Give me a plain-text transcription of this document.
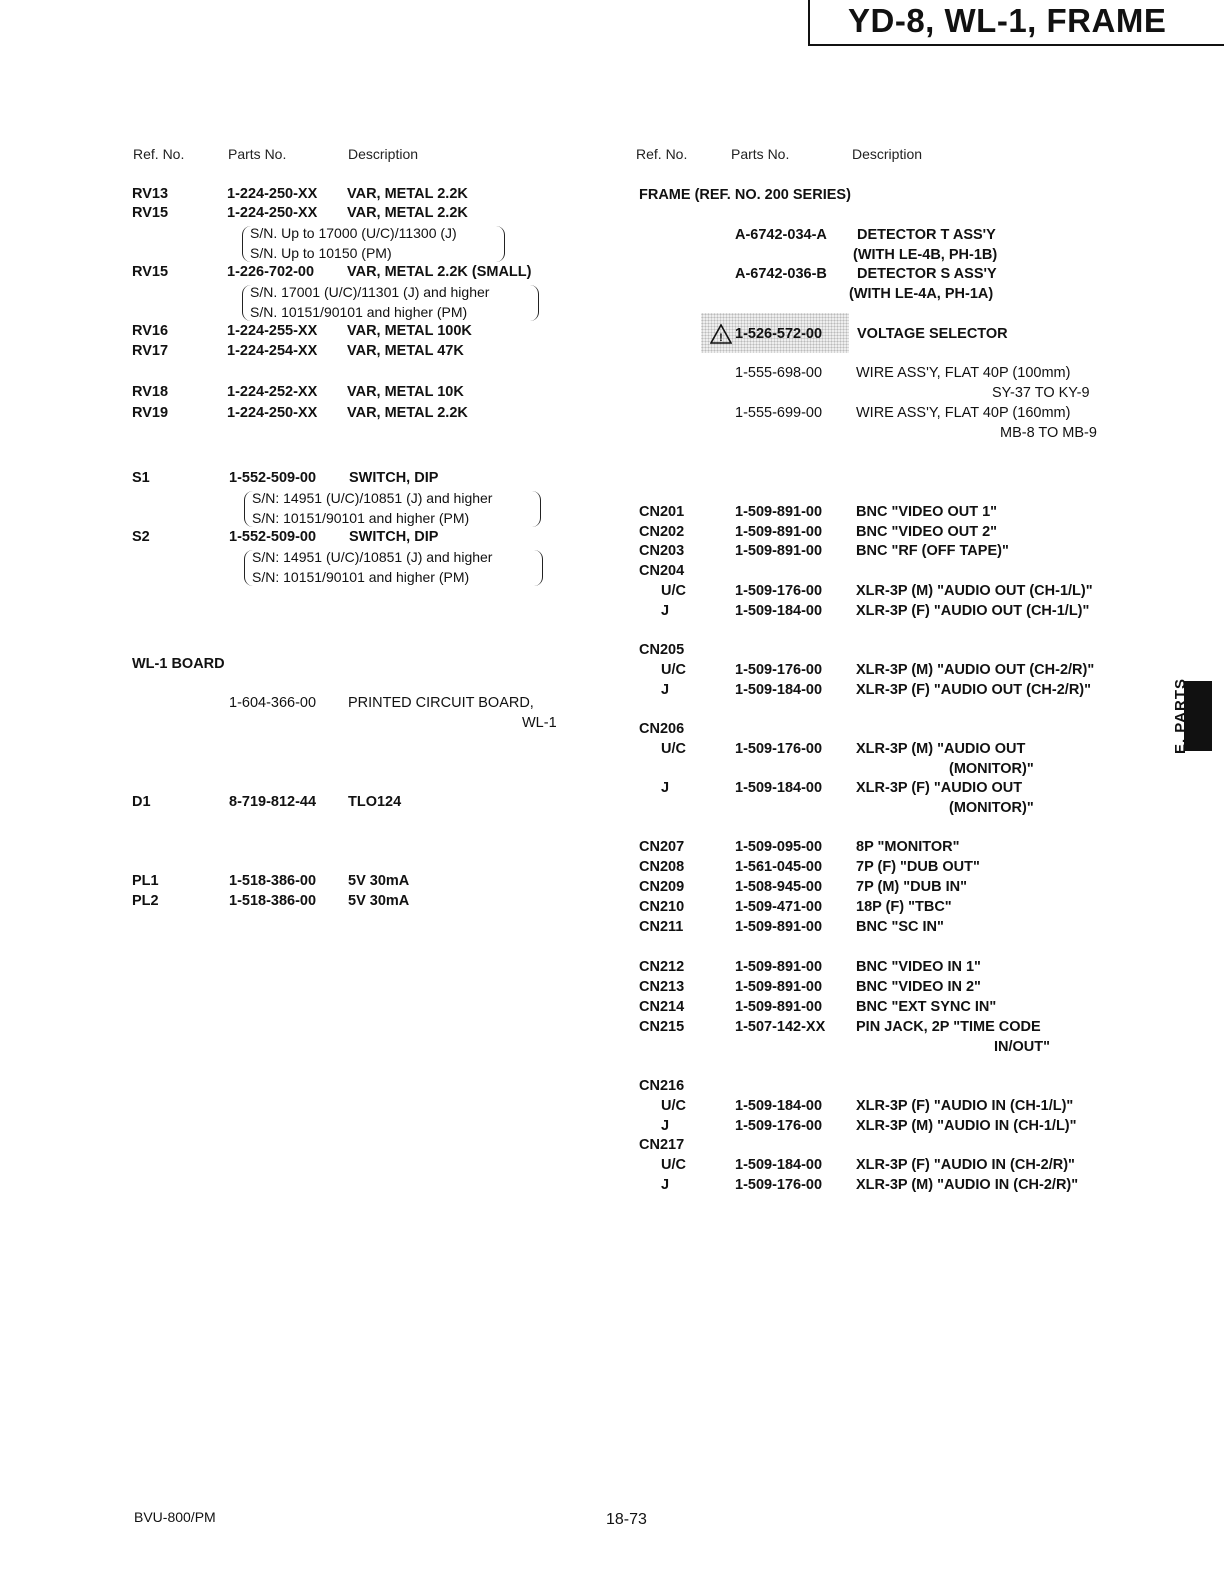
YD-8, WL-1, FRAME
Ref. No.	Parts No.	Description	Ref. No.	Parts No.	Description
RV13	1-224-250-XX VAR, METAL 2.2K
RV15	1-224-250-XX VAR, METAL 2.2K
S/N. Up to 17000 (U/C)/11300 (J)
S/N. Up to 10150 (PM)
RV15	1-226-702-00 VAR, METAL 2.2K (SMALL)
S/N. 17001 (U/C)/11301 (J) and higher
S/N. 10151/90101 and higher (PM)
RV16	1-224-255-XX VAR, METAL 100K
RV17	1-224-254-XX VAR, METAL 47K
RV18	1-224-252-XX VAR, METAL 10K
RV19	1-224-250-XX VAR, METAL 2.2K
S1	1-552-509-00 SWITCH, DIP
S/N: 14951 (U/C)/10851 (J) and higher
S/N: 10151/90101 and higher (PM)
S2	1-552-509-00 SWITCH, DIP
S/N: 14951 (U/C)/10851 (J) and higher
S/N: 10151/90101 and higher (PM)
WL-1 BOARD
1-604-366-00 PRINTED CIRCUIT BOARD,
WL-1
D1	8-719-812-44 TLO124
PL1	1-518-386-00 5V 30mA
PL2	1-518-386-00 5V 30mA
FRAME (REF. NO. 200 SERIES)
A-6742-034-A DETECTOR T ASS'Y
(WITH LE-4B, PH-1B)
A-6742-036-B DETECTOR S ASS'Y
(WITH LE-4A, PH-1A)
! 1-526-572-00 VOLTAGE SELECTOR
1-555-698-00 WIRE ASS'Y, FLAT 40P (100mm)
SY-37 TO KY-9
1-555-699-00 WIRE ASS'Y, FLAT 40P (160mm)
MB-8 TO MB-9
CN201	1-509-891-00 BNC "VIDEO OUT 1"
CN202	1-509-891-00 BNC "VIDEO OUT 2"
CN203	1-509-891-00 BNC "RF (OFF TAPE)"
CN204
U/C	1-509-176-00 XLR-3P (M) "AUDIO OUT (CH-1/L)"
J	1-509-184-00 XLR-3P (F) "AUDIO OUT (CH-1/L)"
CN205
U/C	1-509-176-00 XLR-3P (M) "AUDIO OUT (CH-2/R)"
J	1-509-184-00 XLR-3P (F) "AUDIO OUT (CH-2/R)"
CN206
U/C	1-509-176-00 XLR-3P (M) "AUDIO OUT
(MONITOR)"
J	1-509-184-00 XLR-3P (F) "AUDIO OUT
(MONITOR)"
CN207	1-509-095-00 8P "MONITOR"
CN208	1-561-045-00 7P (F) "DUB OUT"
CN209	1-508-945-00 7P (M) "DUB IN"
CN210	1-509-471-00 18P (F) "TBC"
CN211	1-509-891-00 BNC "SC IN"
CN212	1-509-891-00 BNC "VIDEO IN 1"
CN213	1-509-891-00 BNC "VIDEO IN 2"
CN214	1-509-891-00 BNC "EXT SYNC IN"
CN215	1-507-142-XX PIN JACK, 2P "TIME CODE
IN/OUT"
CN216
U/C	1-509-184-00 XLR-3P (F) "AUDIO IN (CH-1/L)"
J	1-509-176-00 XLR-3P (M) "AUDIO IN (CH-1/L)"
CN217
U/C	1-509-184-00 XLR-3P (F) "AUDIO IN (CH-2/R)"
J	1-509-176-00 XLR-3P (M) "AUDIO IN (CH-2/R)"
E. PARTS
BVU-800/PM	18-73
